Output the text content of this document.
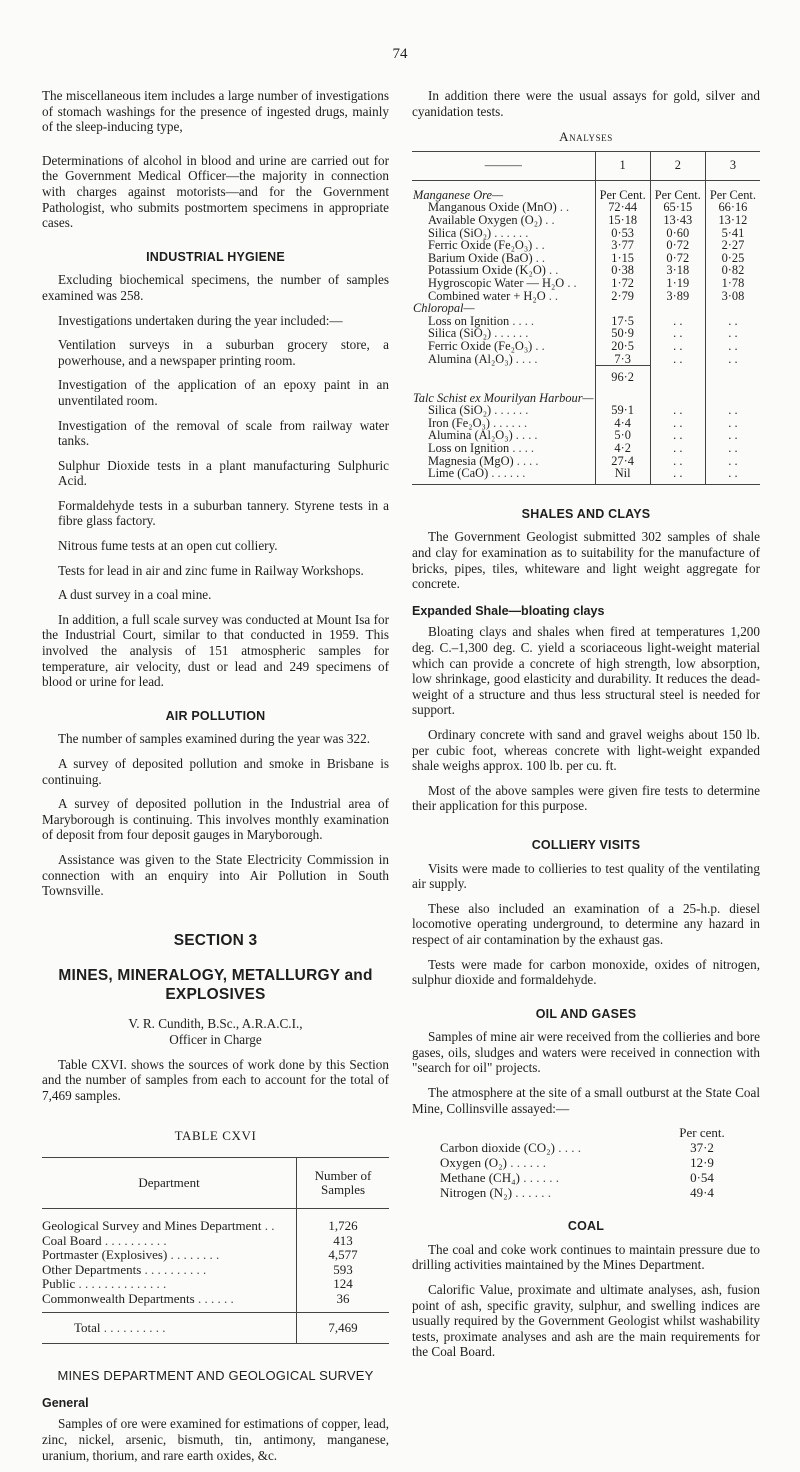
74

The miscellaneous item includes a large number of investigations of stomach washings for the presence of ingested drugs, mainly of the sleep-inducing type,

Determinations of alcohol in blood and urine are carried out for the Government Medical Officer—the majority in connection with charges against motorists—and for the Government Pathologist, who submits postmortem specimens in appropriate cases.

INDUSTRIAL HYGIENE

Excluding biochemical specimens, the number of samples examined was 258.

Investigations undertaken during the year included:—

Ventilation surveys in a suburban grocery store, a powerhouse, and a newspaper printing room.

Investigation of the application of an epoxy paint in an unventilated room.

Investigation of the removal of scale from railway water tanks.

Sulphur Dioxide tests in a plant manufacturing Sulphuric Acid.

Formaldehyde tests in a suburban tannery. Styrene tests in a fibre glass factory.

Nitrous fume tests at an open cut colliery.

Tests for lead in air and zinc fume in Railway Workshops.

A dust survey in a coal mine.

In addition, a full scale survey was conducted at Mount Isa for the Industrial Court, similar to that conducted in 1959. This involved the analysis of 151 atmospheric samples for temperature, air velocity, dust or lead and 249 specimens of blood or urine for lead.

AIR POLLUTION

The number of samples examined during the year was 322.

A survey of deposited pollution and smoke in Brisbane is continuing.

A survey of deposited pollution in the Industrial area of Maryborough is continuing. This involves monthly examination of deposit from four deposit gauges in Maryborough.

Assistance was given to the State Electricity Commission in connection with an enquiry into Air Pollution in South Townsville.

SECTION 3
MINES, MINERALOGY, METALLURGY and EXPLOSIVES
V. R. Cundith, B.Sc., A.R.A.C.I.,
Officer in Charge

Table CXVI. shows the sources of work done by this Section and the number of samples from each to account for the total of 7,469 samples.

TABLE CXVI
Department	Number of Samples
Geological Survey and Mines Department . .	1,726
Coal Board . . . . . . . . . .	413
Portmaster (Explosives) . . . . . . . .	4,577
Other Departments . . . . . . . . . .	593
Public . . . . . . . . . . . . . .	124
Commonwealth Departments . . . . . .	36
Total . . . . . . . . . .	7,469
MINES DEPARTMENT AND GEOLOGICAL SURVEY
General

Samples of ore were examined for estimations of copper, lead, zinc, nickel, arsenic, bismuth, tin, antimony, manganese, uranium, thorium, and rare earth oxides, &c.

In addition there were the usual assays for gold, silver and cyanidation tests.

Analyses
———	1	2	3

Manganese Ore—	Per Cent.	Per Cent.	Per Cent.
Manganous Oxide (MnO) . .	72·44	65·15	66·16
Available Oxygen (O₂) . .	15·18	13·43	13·12
Silica (SiO₂) . . . . . .	0·53	0·60	5·41
Ferric Oxide (Fe₂O₃) . .	3·77	0·72	2·27
Barium Oxide (BaO) . .	1·15	0·72	0·25
Potassium Oxide (K₂O) . .	0·38	3·18	0·82
Hygroscopic Water — H₂O . .	1·72	1·19	1·78
Combined water + H₂O . .	2·79	3·89	3·08
Chloropal—			
Loss on Ignition . . . .	17·5	. .	. .
Silica (SiO₂) . . . . . .	50·9	. .	. .
Ferric Oxide (Fe₂O₃) . .	20·5	. .	. .
Alumina (Al₂O₃) . . . .	7·3	. .	. .
	96·2		
Talc Schist ex Mourilyan Harbour—			
Silica (SiO₂) . . . . . .	59·1	. .	. .
Iron (Fe₂O₃) . . . . . .	4·4	. .	. .
Alumina (Al₂O₃) . . . .	5·0	. .	. .
Loss on Ignition . . . .	4·2	. .	. .
Magnesia (MgO) . . . .	27·4	. .	. .
Lime (CaO) . . . . . .	Nil	. .	. .
SHALES AND CLAYS

The Government Geologist submitted 302 samples of shale and clay for examination as to suitability for the manufacture of bricks, pipes, tiles, whiteware and light weight aggregate for concrete.

Expanded Shale—bloating clays

Bloating clays and shales when fired at temperatures 1,200 deg. C.–1,300 deg. C. yield a scoriaceous light-weight material which can provide a concrete of high strength, low absorption, low shrinkage, good elasticity and durability. It reduces the dead-weight of a structure and thus less structural steel is needed for support.

Ordinary concrete with sand and gravel weighs about 150 lb. per cubic foot, whereas concrete with light-weight expanded shale weighs approx. 100 lb. per cu. ft.

Most of the above samples were given fire tests to determine their application for this purpose.

COLLIERY VISITS

Visits were made to collieries to test quality of the ventilating air supply.

These also included an examination of a 25-h.p. diesel locomotive operating underground, to determine any hazard in respect of air contamination by the exhaust gas.

Tests were made for carbon monoxide, oxides of nitrogen, sulphur dioxide and formaldehyde.

OIL AND GASES

Samples of mine air were received from the collieries and bore gases, oils, sludges and waters were received in connection with "search for oil" projects.

The atmosphere at the site of a small outburst at the State Coal Mine, Collinsville assayed:—

Per cent.
Carbon dioxide (CO₂) . . . .	37·2
Oxygen (O₂) . . . . . .	12·9
Methane (CH₄) . . . . . .	0·54
Nitrogen (N₂) . . . . . .	49·4
COAL

The coal and coke work continues to maintain pressure due to drilling activities maintained by the Mines Department.

Calorific Value, proximate and ultimate analyses, ash, fusion point of ash, specific gravity, sulphur, and swelling indices are usually required by the Government Geologist whilst washability tests, proximate analyses and ash are the main requirements for the Coal Board.
